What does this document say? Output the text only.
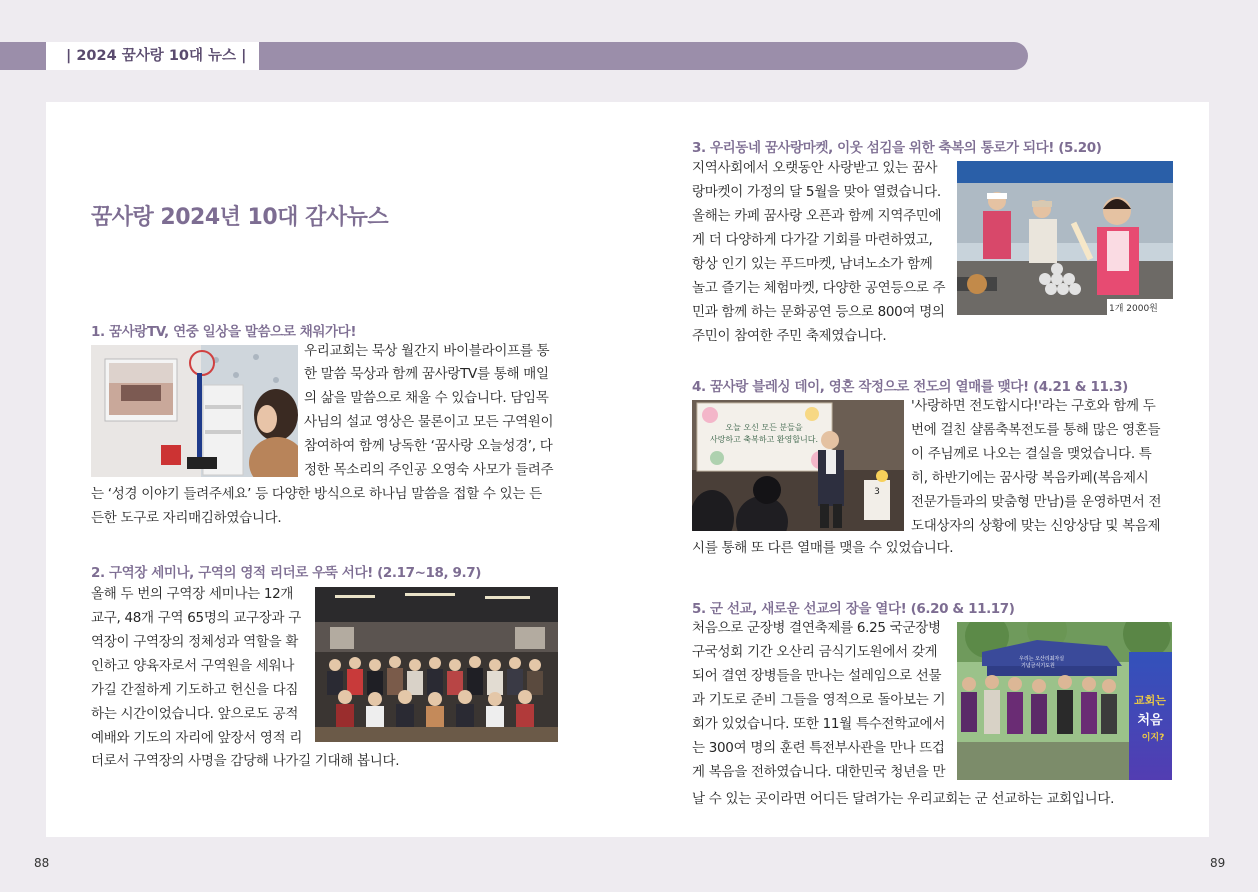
| 2024 꿈사랑 10대 뉴스 |
88	89
꿈사랑 2024년 10대 감사뉴스
1. 꿈사랑TV, 연중 일상을 말씀으로 채워가다!
우리교회는 묵상 월간지 바이블라이프를 통
한 말씀 묵상과 함께 꿈사랑TV를 통해 매일
의 삶을 말씀으로 채울 수 있습니다. 담임목
사님의 설교 영상은 물론이고 모든 구역원이
참여하여 함께 낭독한 ‘꿈사랑 오늘성경’, 다
정한 목소리의 주인공 오영숙 사모가 들려주
는 ‘성경 이야기 들려주세요’ 등 다양한 방식으로 하나님 말씀을 접할 수 있는 든
든한 도구로 자리매김하였습니다.
2. 구역장 세미나, 구역의 영적 리더로 우뚝 서다! (2.17~18, 9.7)
올해 두 번의 구역장 세미나는 12개
교구, 48개 구역 65명의 교구장과 구
역장이 구역장의 정체성과 역할을 확
인하고 양육자로서 구역원을 세워나
가길 간절하게 기도하고 헌신을 다짐
하는 시간이었습니다. 앞으로도 공적
예배와 기도의 자리에 앞장서 영적 리
더로서 구역장의 사명을 감당해 나가길 기대해 봅니다.
3. 우리동네 꿈사랑마켓, 이웃 섬김을 위한 축복의 통로가 되다! (5.20)
지역사회에서 오랫동안 사랑받고 있는 꿈사
랑마켓이 가정의 달 5월을 맞아 열렸습니다.
올해는 카페 꿈사랑 오픈과 함께 지역주민에
게 더 다양하게 다가갈 기회를 마련하였고,
항상 인기 있는 푸드마켓, 남녀노소가 함께
놀고 즐기는 체험마켓, 다양한 공연등으로 주
민과 함께 하는 문화공연 등으로 800여 명의
주민이 참여한 주민 축제였습니다.
1개 2000원
4. 꿈사랑 블레싱 데이, 영혼 작정으로 전도의 열매를 맺다! (4.21 & 11.3)
오늘 오신 모든 분들을
사랑하고 축복하고 환영합니다.
3
'사랑하면 전도합시다!'라는 구호와 함께 두
번에 걸친 샬롬축복전도를 통해 많은 영혼들
이 주님께로 나오는 결실을 맺었습니다. 특
히, 하반기에는 꿈사랑 복음카페(복음제시
전문가들과의 맞춤형 만남)를 운영하면서 전
도대상자의 상황에 맞는 신앙상담 및 복음제
시를 통해 또 다른 열매를 맺을 수 있었습니다.
5. 군 선교, 새로운 선교의 장을 열다! (6.20 & 11.17)
처음으로 군장병 결연축제를 6.25 국군장병
구국성회 기간 오산리 금식기도원에서 갖게
되어 결연 장병들을 만나는 설레임으로 선물
과 기도로 준비 그들을 영적으로 돌아보는 기
회가 있었습니다. 또한 11월 특수전학교에서
는 300여 명의 훈련 특전부사관을 만나 뜨겁
게 복음을 전하였습니다. 대한민국 청년을 만
날 수 있는 곳이라면 어디든 달려가는 우리교회는 군 선교하는 교회입니다.
우리는 오산리최자실
기념금식기도원
교회는
처음
이지?
